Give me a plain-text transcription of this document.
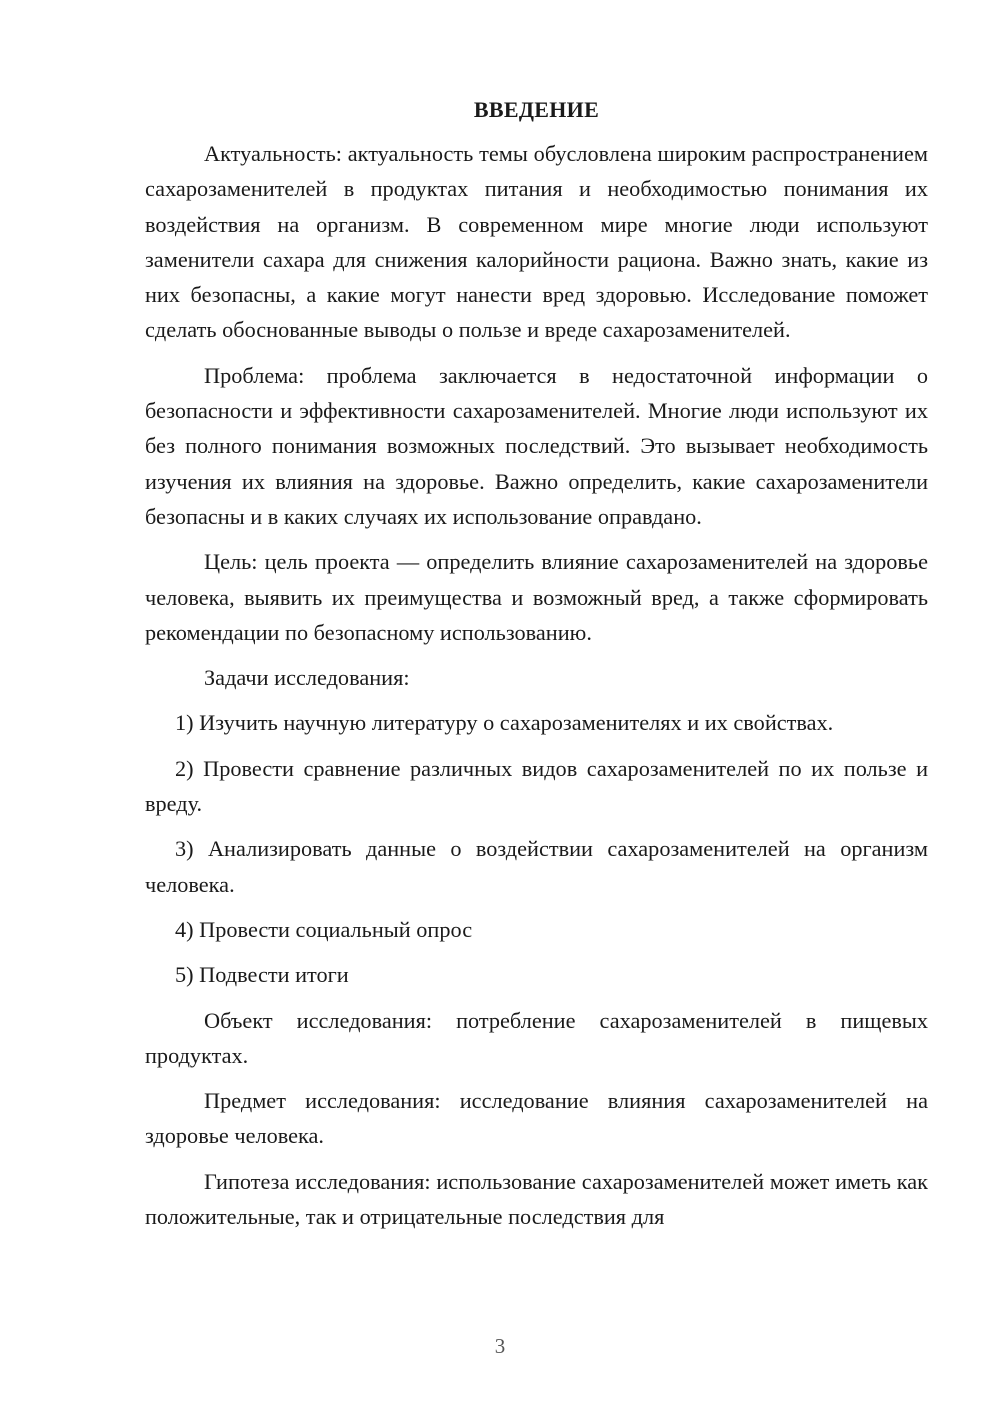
ВВЕДЕНИЕ

Актуальность: актуальность темы обусловлена широким распространением сахарозаменителей в продуктах питания и необходимостью понимания их воздействия на организм. В современном мире многие люди используют заменители сахара для снижения калорийности рациона. Важно знать, какие из них безопасны, а какие могут нанести вред здоровью. Исследование поможет сделать обоснованные выводы о пользе и вреде сахарозаменителей.

Проблема: проблема заключается в недостаточной информации о безопасности и эффективности сахарозаменителей. Многие люди используют их без полного понимания возможных последствий. Это вызывает необходимость изучения их влияния на здоровье. Важно определить, какие сахарозаменители безопасны и в каких случаях их использование оправдано.

Цель: цель проекта — определить влияние сахарозаменителей на здоровье человека, выявить их преимущества и возможный вред, а также сформировать рекомендации по безопасному использованию.

Задачи исследования:

1) Изучить научную литературу о сахарозаменителях и их свойствах.

2) Провести сравнение различных видов сахарозаменителей по их пользе и вреду.

3) Анализировать данные о воздействии сахарозаменителей на организм человека.

4) Провести социальный опрос

5) Подвести итоги

Объект исследования: потребление сахарозаменителей в пищевых продуктах.

Предмет исследования: исследование влияния сахарозаменителей на здоровье человека.

Гипотеза исследования: использование сахарозаменителей может иметь как положительные, так и отрицательные последствия для

3
